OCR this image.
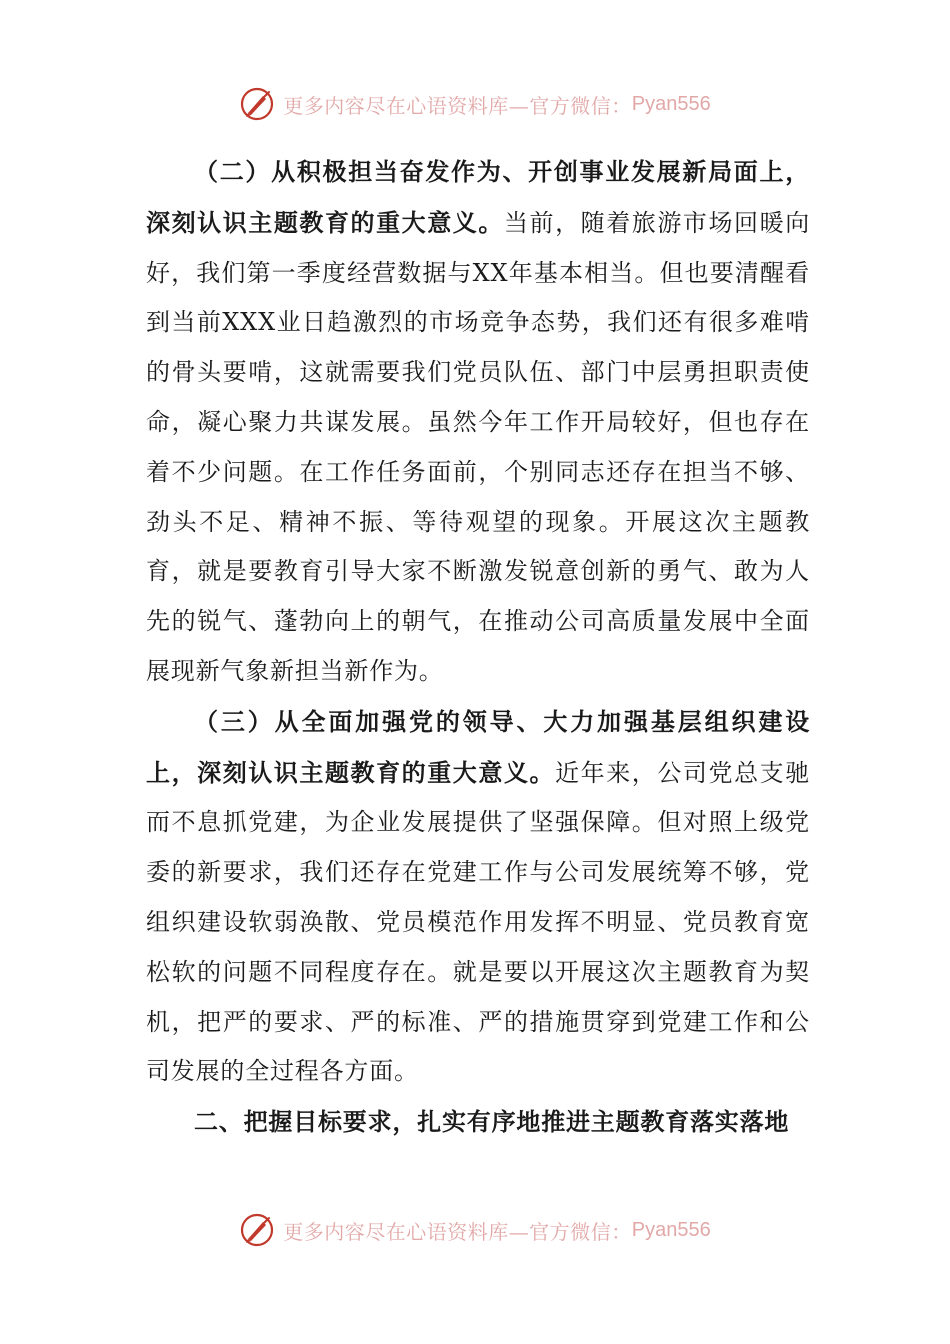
更多内容尽在心语资料库—官方微信： Pyan556

（二）从积极担当奋发作为、开创事业发展新局面上，深刻认识主题教育的重大意义。当前，随着旅游市场回暖向好，我们第一季度经营数据与XX年基本相当。但也要清醒看到当前XXX业日趋激烈的市场竞争态势，我们还有很多难啃的骨头要啃，这就需要我们党员队伍、部门中层勇担职责使命，凝心聚力共谋发展。虽然今年工作开局较好，但也存在着不少问题。在工作任务面前，个别同志还存在担当不够、劲头不足、精神不振、等待观望的现象。开展这次主题教育，就是要教育引导大家不断激发锐意创新的勇气、敢为人先的锐气、蓬勃向上的朝气，在推动公司高质量发展中全面展现新气象新担当新作为。

（三）从全面加强党的领导、大力加强基层组织建设上，深刻认识主题教育的重大意义。近年来，公司党总支驰而不息抓党建，为企业发展提供了坚强保障。但对照上级党委的新要求，我们还存在党建工作与公司发展统筹不够，党组织建设软弱涣散、党员模范作用发挥不明显、党员教育宽松软的问题不同程度存在。就是要以开展这次主题教育为契机，把严的要求、严的标准、严的措施贯穿到党建工作和公司发展的全过程各方面。

二、把握目标要求，扎实有序地推进主题教育落实落地

更多内容尽在心语资料库—官方微信： Pyan556
